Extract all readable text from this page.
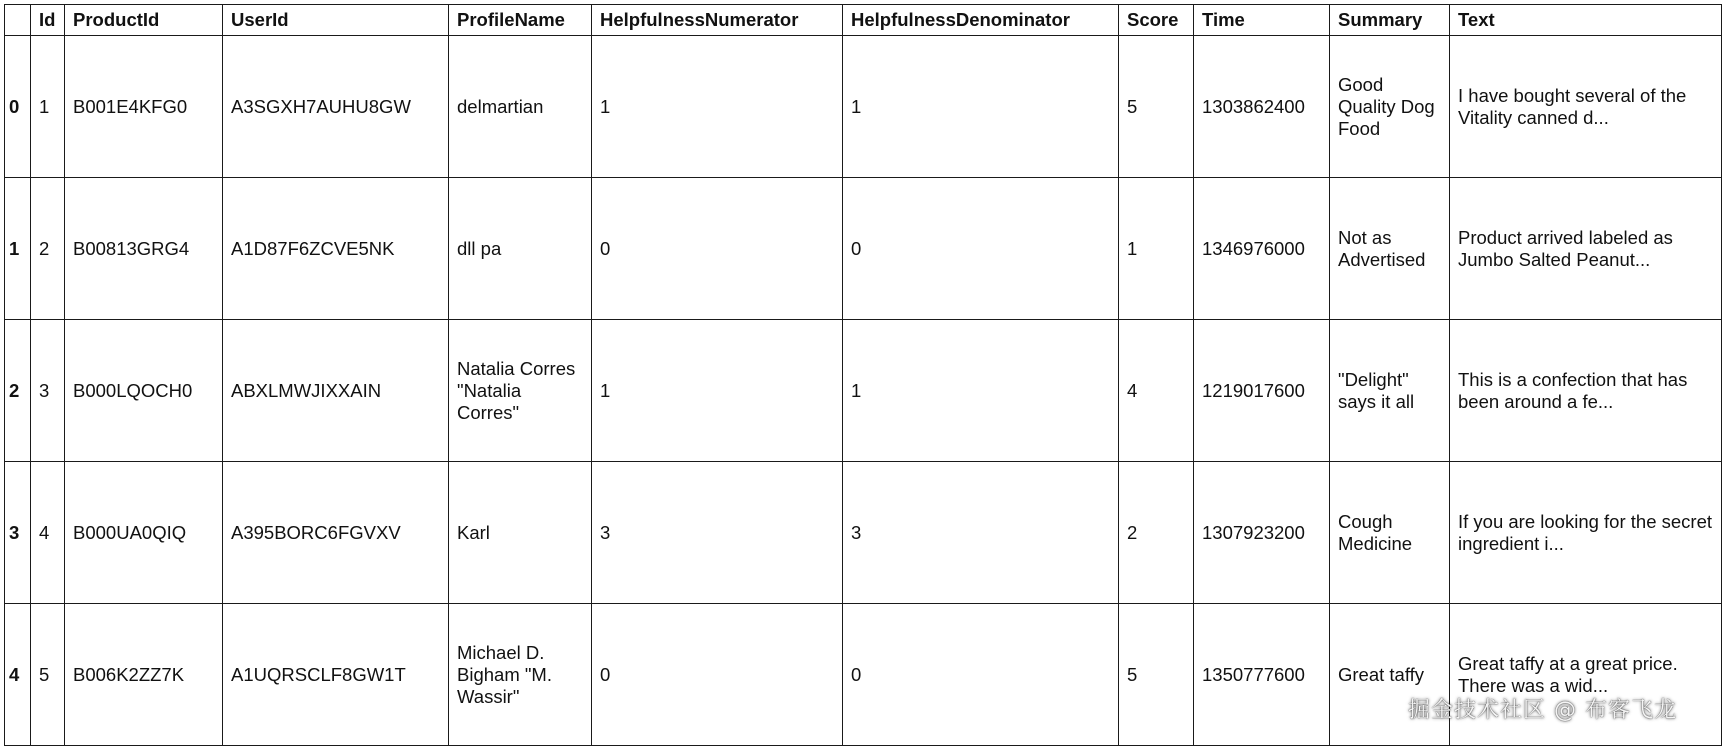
	Id	ProductId	UserId	ProfileName	HelpfulnessNumerator	HelpfulnessDenominator	Score	Time	Summary	Text
0	1	B001E4KFG0	A3SGXH7AUHU8GW	delmartian	1	1	5	1303862400	Good Quality Dog Food	I have bought several of the Vitality canned d...
1	2	B00813GRG4	A1D87F6ZCVE5NK	dll pa	0	0	1	1346976000	Not as Advertised	Product arrived labeled as Jumbo Salted Peanut...
2	3	B000LQOCH0	ABXLMWJIXXAIN	Natalia Corres "Natalia Corres"	1	1	4	1219017600	"Delight" says it all	This is a confection that has been around a fe...
3	4	B000UA0QIQ	A395BORC6FGVXV	Karl	3	3	2	1307923200	Cough Medicine	If you are looking for the secret ingredient i...
4	5	B006K2ZZ7K	A1UQRSCLF8GW1T	Michael D. Bigham "M. Wassir"	0	0	5	1350777600	Great taffy	Great taffy at a great price. There was a wid...
掘金技术社区 @ 布客飞龙
